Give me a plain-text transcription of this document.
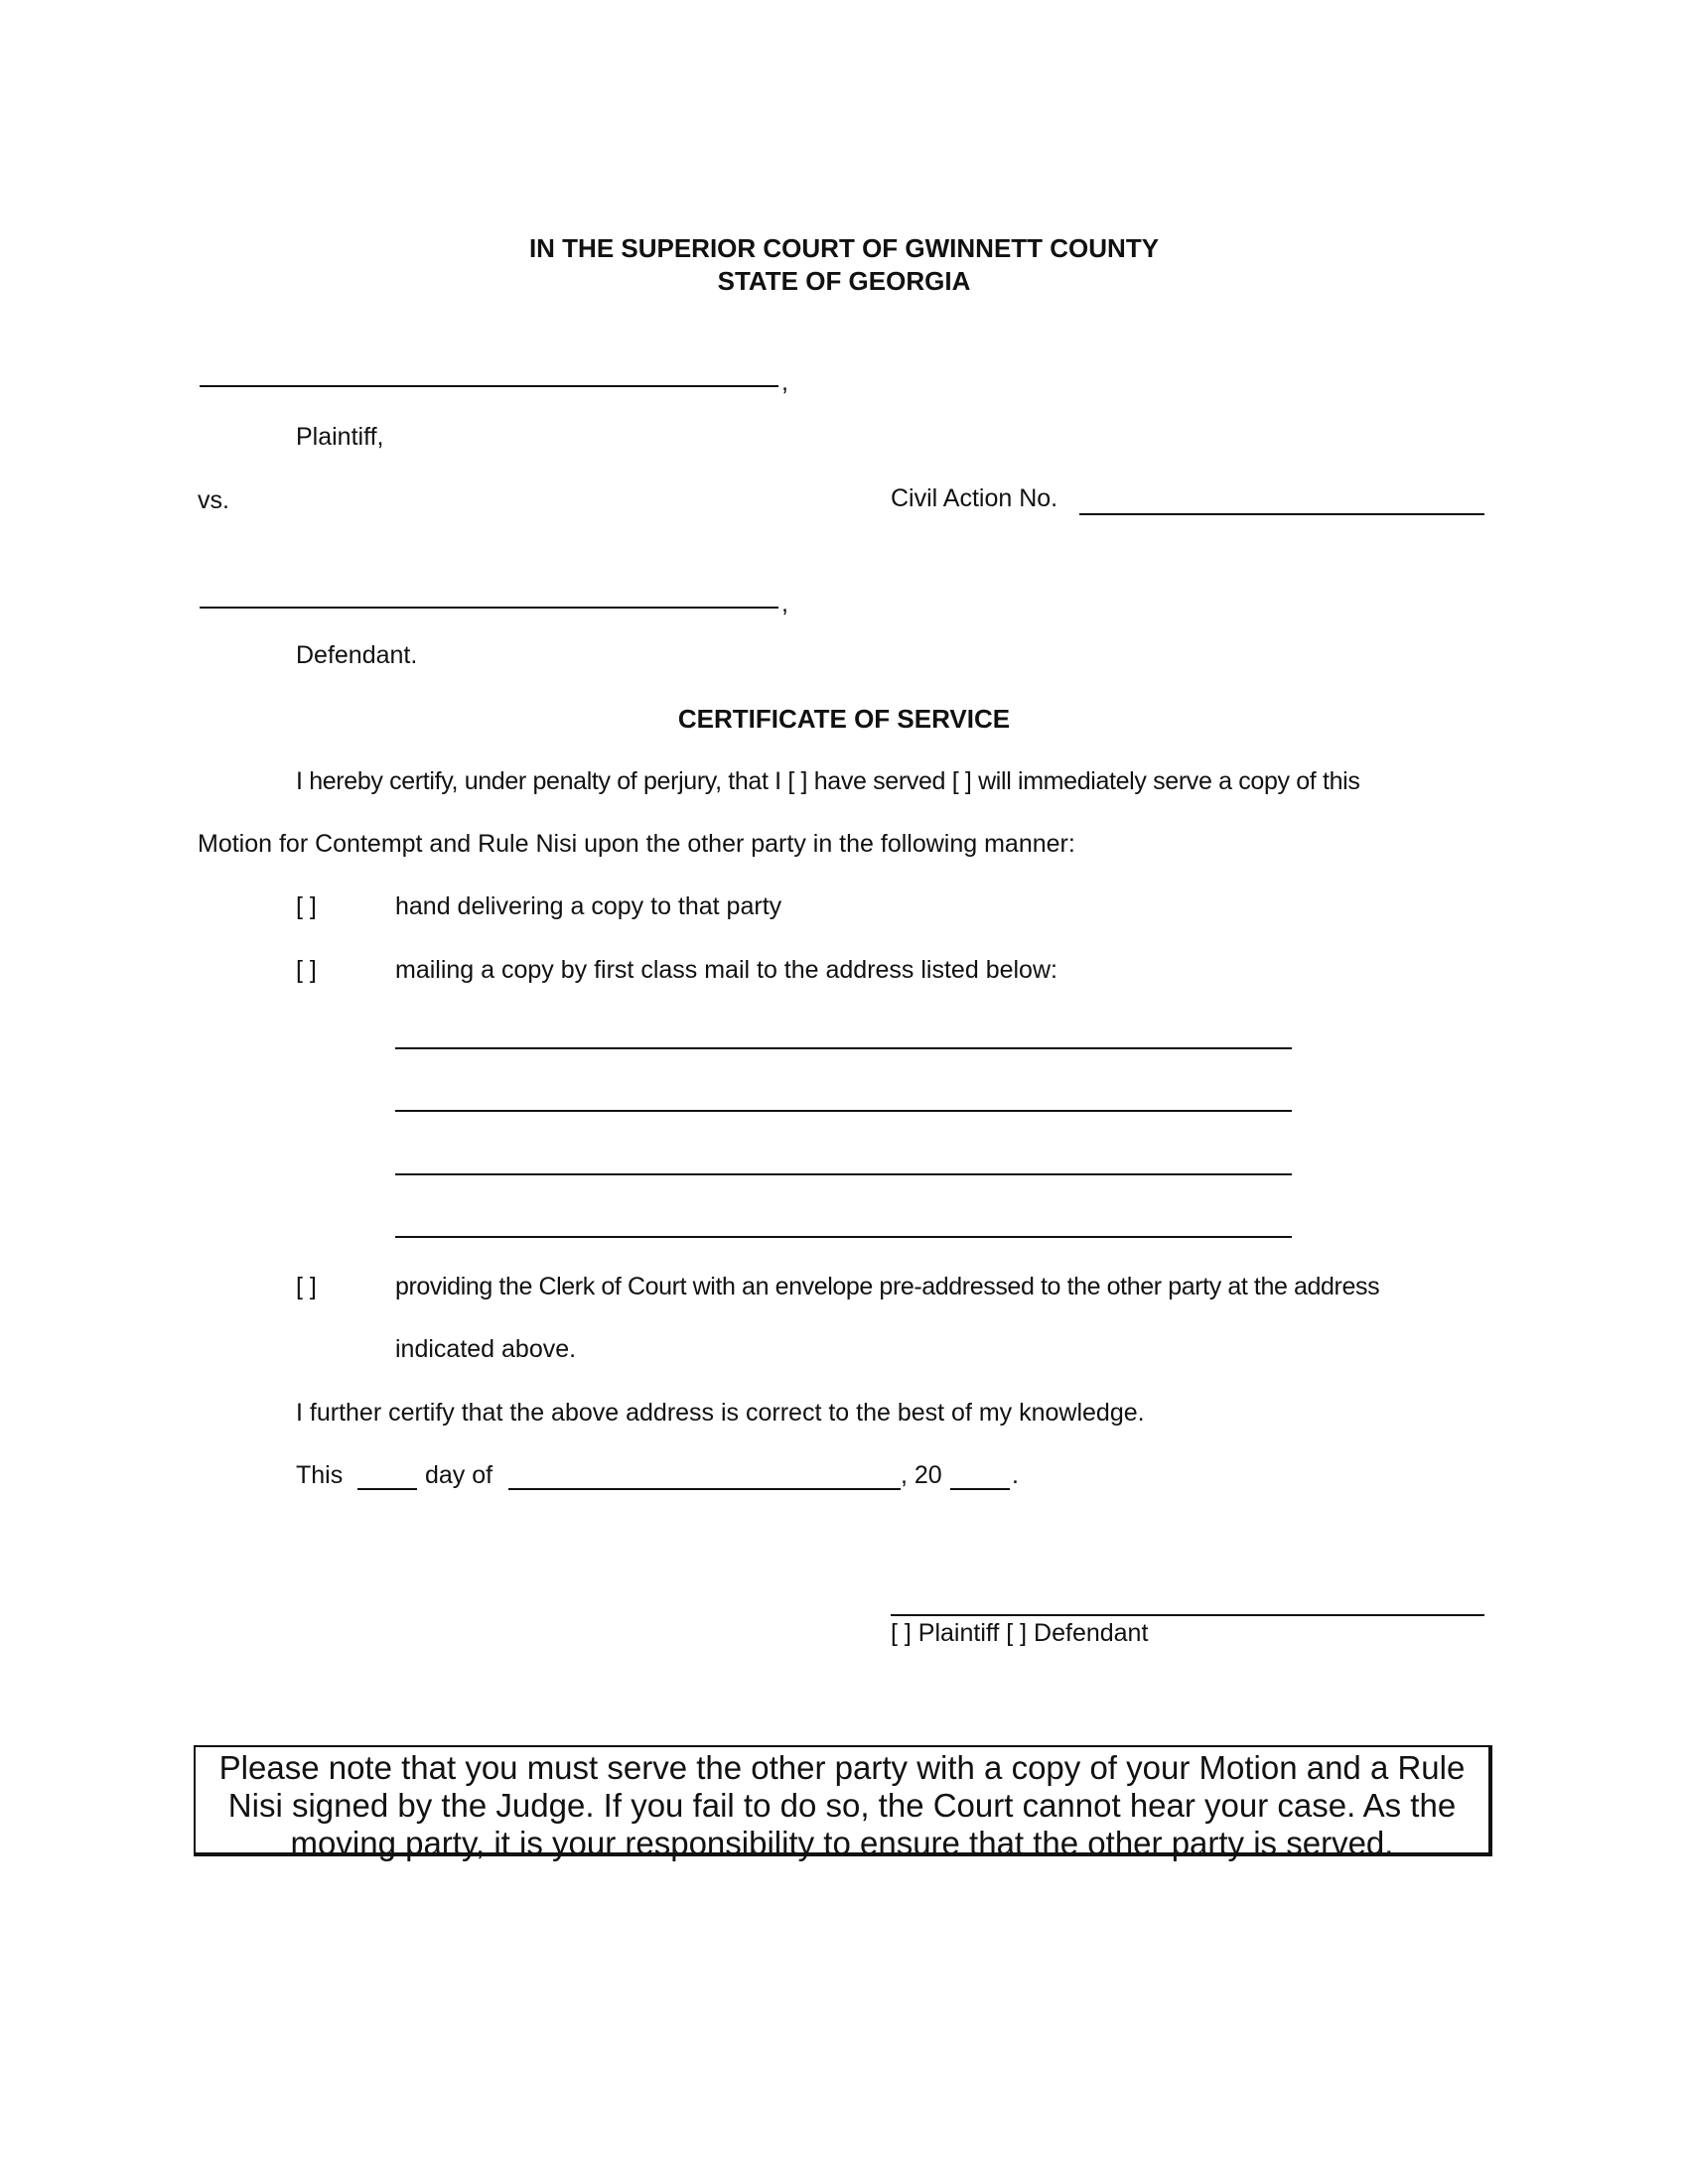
IN THE SUPERIOR COURT OF GWINNETT COUNTY
STATE OF GEORGIA
,
Plaintiff,
vs.	Civil Action No.
,
Defendant.
CERTIFICATE OF SERVICE
I hereby certify, under penalty of perjury, that I [ ] have served [ ] will immediately serve a copy of this
Motion for Contempt and Rule Nisi upon the other party in the following manner:
[ ]	hand delivering a copy to that party
[ ]	mailing a copy by first class mail to the address listed below:
[ ]	providing the Clerk of Court with an envelope pre-addressed to the other party at the address
indicated above.
I further certify that the above address is correct to the best of my knowledge.
This	day of	, 20	.
[ ] Plaintiff [ ] Defendant
Please note that you must serve the other party with a copy of your Motion and a Rule Nisi signed by the Judge. If you fail to do so, the Court cannot hear your case. As the moving party, it is your responsibility to ensure that the other party is served.
